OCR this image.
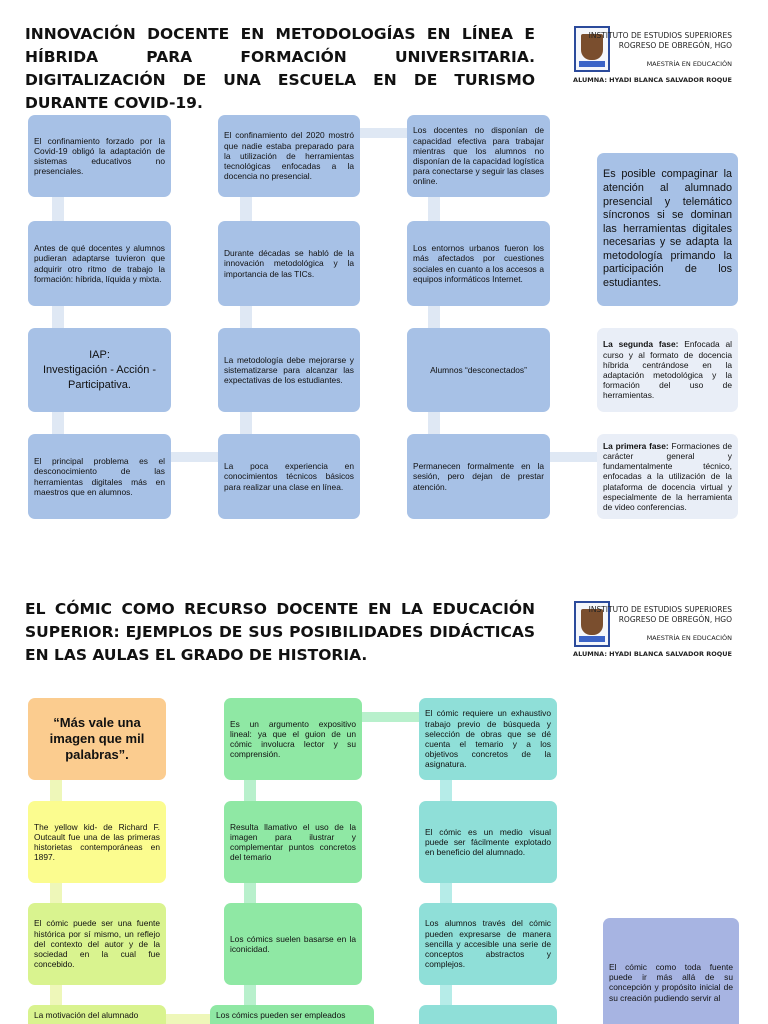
INNOVACIÓN DOCENTE EN METODOLOGÍAS EN LÍNEA E HÍBRIDA PARA FORMACIÓN UNIVERSITARIA. DIGITALIZACIÓN DE UNA ESCUELA EN DE TURISMO DURANTE COVID-19.
INSTITUTO DE ESTUDIOS SUPERIORES
ROGRESO DE OBREGÓN, HGO
MAESTRÍA EN EDUCACIÓN
ALUMNA: HYADI BLANCA SALVADOR ROQUE
El confinamiento forzado por la Covid-19 obligó la adaptación de sistemas educativos no presenciales.
Antes de qué docentes y alumnos pudieran adaptarse tuvieron que adquirir otro ritmo de trabajo la formación: híbrida, líquida y mixta.
IAP:
Investigación - Acción - Participativa.
El principal problema es el desconocimiento de las herramientas digitales más en maestros que en alumnos.
El confinamiento del 2020 mostró que nadie estaba preparado para la utilización de herramientas tecnológicas enfocadas a la docencia no presencial.
Durante décadas se habló de la innovación metodológica y la importancia de las TICs.
La metodología debe mejorarse y sistematizarse para alcanzar las expectativas de los estudiantes.
La poca experiencia en conocimientos técnicos básicos para realizar una clase en línea.
Los docentes no disponían de capacidad efectiva para trabajar mientras que los alumnos no disponían de la capacidad logística para conectarse y seguir las clases online.
Los entornos urbanos fueron los más afectados por cuestiones sociales en cuanto a los accesos a equipos informáticos Internet.
Alumnos “desconectados”
Permanecen formalmente en la sesión, pero dejan de prestar atención.
Es posible compaginar la atención al alumnado presencial y telemático síncronos si se dominan las herramientas digitales necesarias y se adapta la metodología primando la participación de los estudiantes.
La segunda fase: Enfocada al curso y al formato de docencia híbrida centrándose en la adaptación metodológica y la formación del uso de herramientas.
La primera fase: Formaciones de carácter general y fundamentalmente técnico, enfocadas a la utilización de la plataforma de docencia virtual y especialmente de la herramienta de video conferencias.
EL CÓMIC COMO RECURSO DOCENTE EN LA EDUCACIÓN SUPERIOR: EJEMPLOS DE SUS POSIBILIDADES DIDÁCTICAS EN LAS AULAS EL GRADO DE HISTORIA.
INSTITUTO DE ESTUDIOS SUPERIORES
ROGRESO DE OBREGÓN, HGO
MAESTRÍA EN EDUCACIÓN
ALUMNA: HYADI BLANCA SALVADOR ROQUE
“Más vale una imagen que mil palabras”.
The yellow kid- de Richard F. Outcault fue una de las primeras historietas contemporáneas en 1897.
El cómic puede ser una fuente histórica por sí mismo, un reflejo del contexto del autor y de la sociedad en la cual fue concebido.
La motivación del alumnado
Es un argumento expositivo lineal: ya que el guion de un cómic involucra lector y su comprensión.
Resulta llamativo el uso de la imagen para ilustrar y complementar puntos concretos del temario
Los cómics suelen basarse en la iconicidad.
Los cómics pueden ser empleados
El cómic requiere un exhaustivo trabajo previo de búsqueda y selección de obras que se dé cuenta el temario y a los objetivos concretos de la asignatura.
El cómic es un medio visual puede ser fácilmente explotado en beneficio del alumnado.
Los alumnos través del cómic pueden expresarse de manera sencilla y accesible una serie de conceptos abstractos y complejos.	El cómic como toda fuente puede ir más allá de su concepción y propósito inicial de su creación pudiendo servir al
